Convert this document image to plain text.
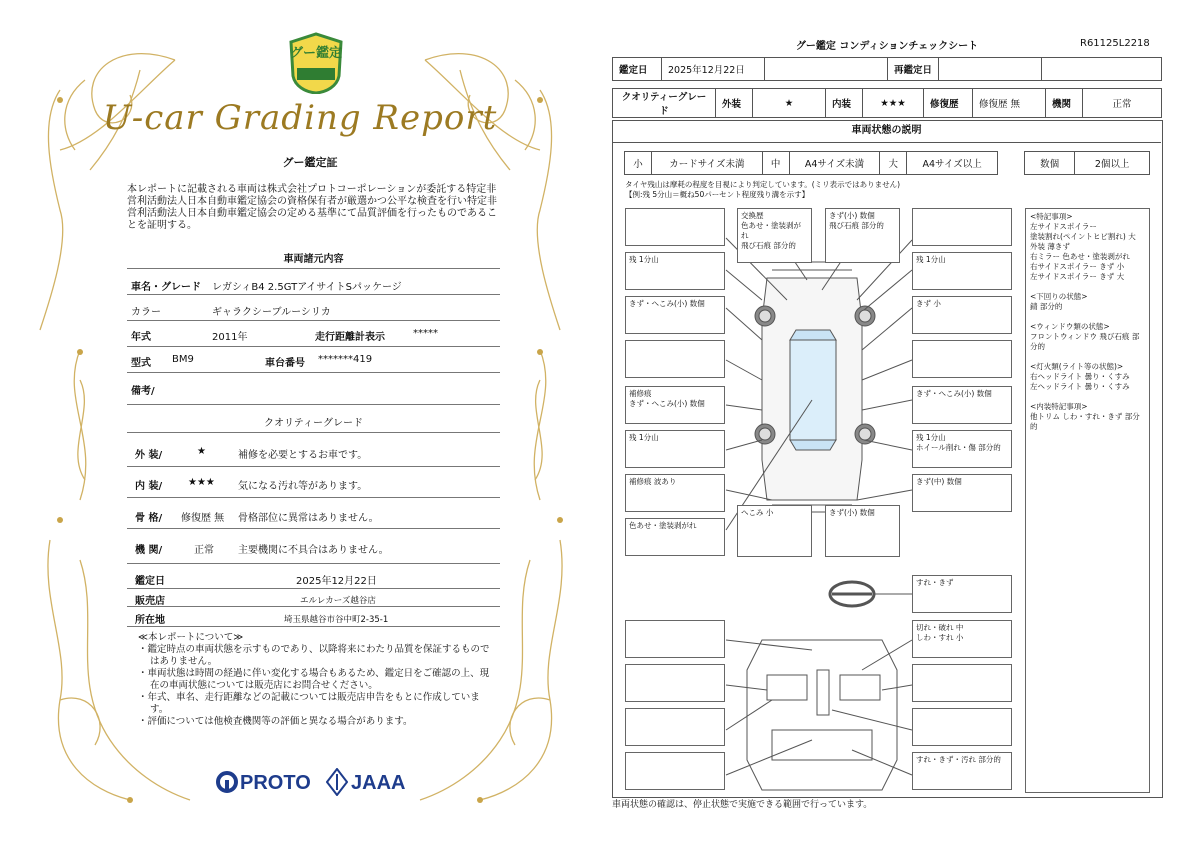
グー鑑定
U-car Grading Report
グー鑑定証
本レポートに記載される車両は株式会社プロトコーポレーションが委託する特定非営利活動法人日本自動車鑑定協会の資格保有者が厳選かつ公平な検査を行い特定非営利活動法人日本自動車鑑定協会の定める基準にて品質評価を行ったものであることを証明する。
車両諸元内容
車名・グレード レガシィB4 2.5GTアイサイトSパッケージ
カラー	ギャラクシーブルーシリカ
年式	2011年	走行距離計表示	*****
型式 BM9	車台番号 *******419
備考/
クオリティーグレード
外 装/	★	補修を必要とするお車です。
内 装/	★★★ 気になる汚れ等があります。
骨 格/ 修復歴 無 骨格部位に異常はありません。
機 関/	正常 主要機関に不具合はありません。
鑑定日	2025年12月22日
販売店	エルレカーズ越谷店
所在地	埼玉県越谷市谷中町2-35-1
≪本レポートについて≫
・鑑定時点の車両状態を示すものであり、以降将来にわたり品質を保証するものではありません。
・車両状態は時間の経過に伴い変化する場合もあるため、鑑定日をご確認の上、現在の車両状態については販売店にお問合せください。
・年式、車名、走行距離などの記載については販売店申告をもとに作成しています。
・評価については他検査機関等の評価と異なる場合があります。
PROTO JAAA
グー鑑定 コンディションチェックシート	R61125L2218
鑑定日	2025年12月22日		再鑑定日		
クオリティーグレード	外装	★	内装	★★★	修復歴	修復歴 無	機関	正常
車両状態の説明
小	カードサイズ未満	中	A4サイズ未満	大	A4サイズ以上	数個	2個以上
タイヤ残山は摩耗の程度を目視により判定しています。(ミリ表示ではありません)
【例:残 5分山＝概ね50パーセント程度残り溝を示す】
交換歴
色あせ・塗装剥がれ
飛び石痕 部分的
きず(小) 数個
飛び石痕 部分的
残 1分山	残 1分山
きず・へこみ(小) 数個	きず 小
補修痕
きず・へこみ(小) 数個
きず・へこみ(小) 数個
残 1分山	残 1分山
ホイール削れ・傷 部分的
補修痕 波あり	きず(中) 数個
色あせ・塗装剥がれ
へこみ 小	きず(小) 数個
すれ・きず
切れ・破れ 中
しわ・すれ 小
すれ・きず・汚れ 部分的
<特記事項>
左サイドスポイラー
塗装割れ(ペイントヒビ割れ) 大
外装 薄きず
右ミラー 色あせ・塗装剥がれ
右サイドスポイラー きず 小
左サイドスポイラー きず 大
<下回りの状態>
錆 部分的
<ウィンドウ類の状態>
フロントウィンドウ 飛び石痕 部分的
<灯火類(ライト等の状態)>
右ヘッドライト 曇り・くすみ
左ヘッドライト 曇り・くすみ
<内装特記事項>
他トリム しわ・すれ・きず 部分的
車両状態の確認は、停止状態で実施できる範囲で行っています。
